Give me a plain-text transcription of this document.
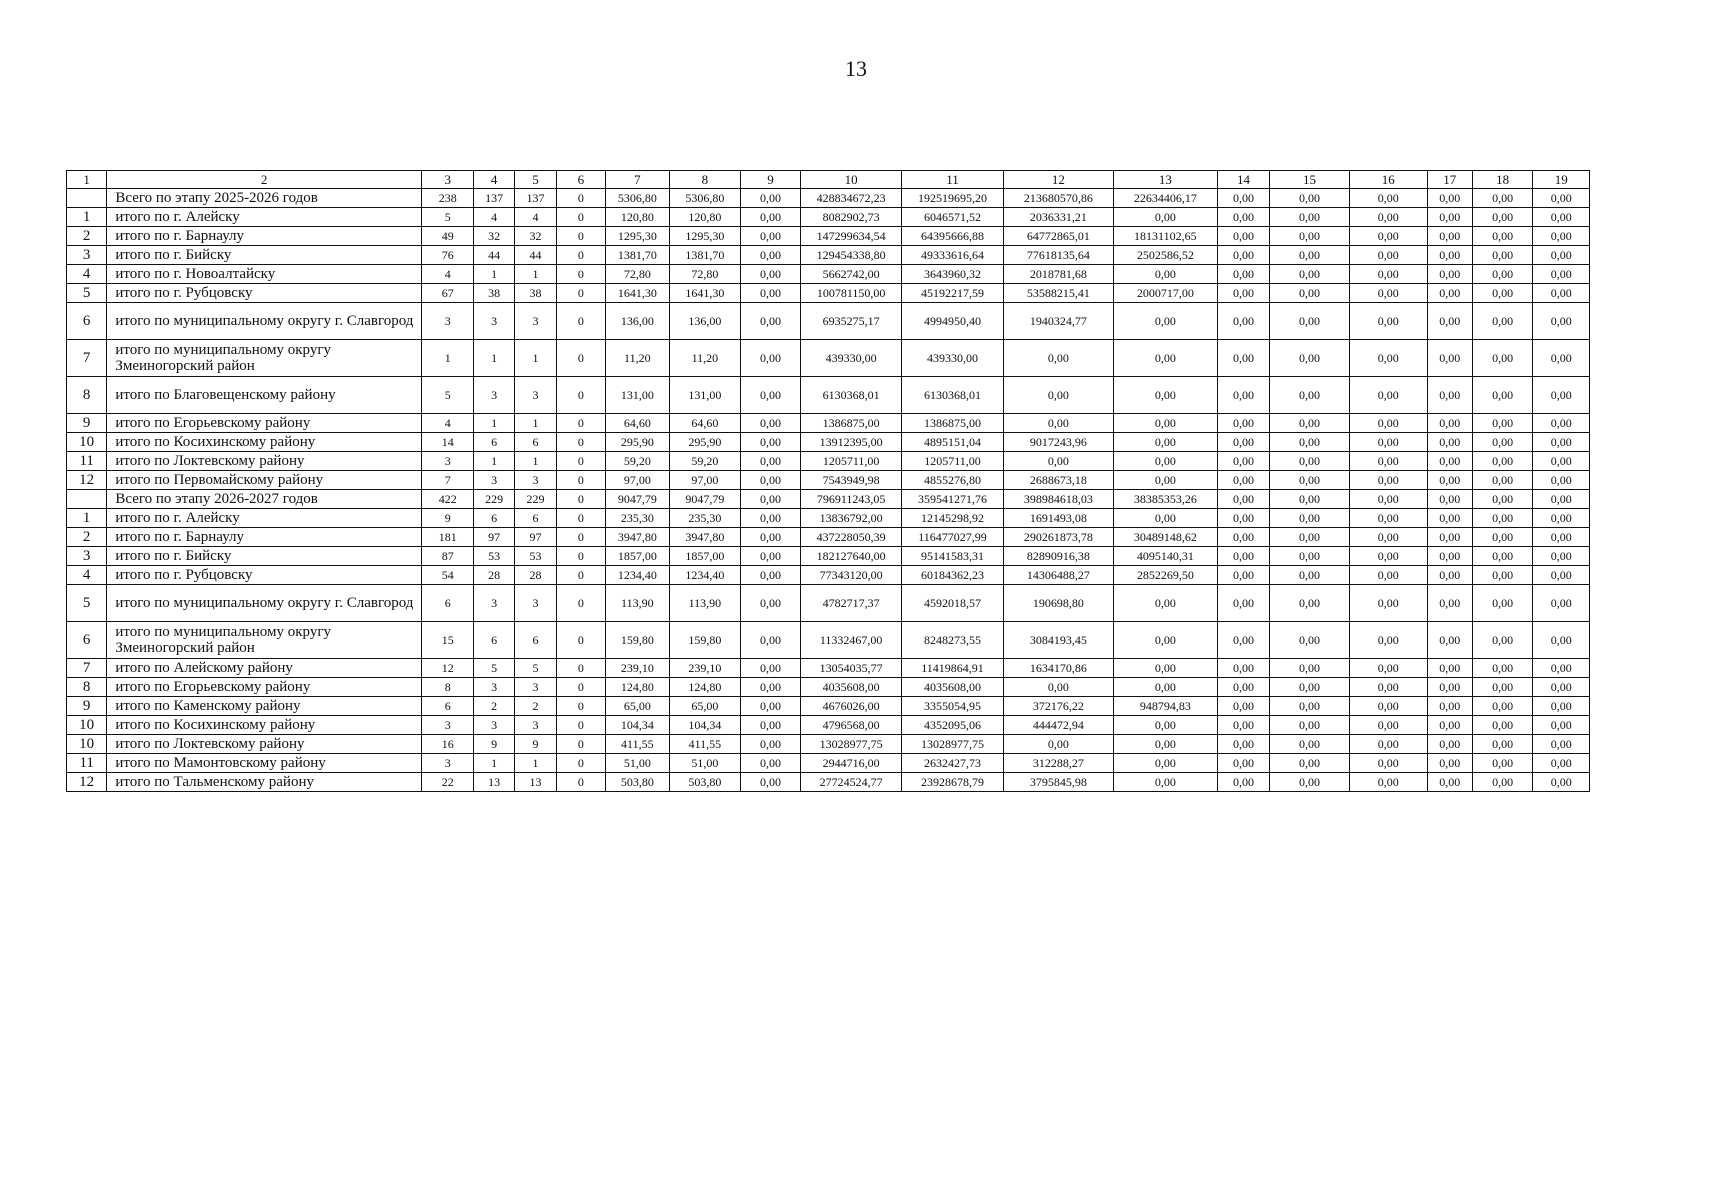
13
1	2	3	4	5	6	7	8	9	10	11	12	13	14	15	16	17	18	19
	Всего по этапу 2025-2026 годов	238	137	137	0	5306,80	5306,80	0,00	428834672,23	192519695,20	213680570,86	22634406,17	0,00	0,00	0,00	0,00	0,00	0,00
1	итого по г. Алейску	5	4	4	0	120,80	120,80	0,00	8082902,73	6046571,52	2036331,21	0,00	0,00	0,00	0,00	0,00	0,00	0,00
2	итого по г. Барнаулу	49	32	32	0	1295,30	1295,30	0,00	147299634,54	64395666,88	64772865,01	18131102,65	0,00	0,00	0,00	0,00	0,00	0,00
3	итого по г. Бийску	76	44	44	0	1381,70	1381,70	0,00	129454338,80	49333616,64	77618135,64	2502586,52	0,00	0,00	0,00	0,00	0,00	0,00
4	итого по г. Новоалтайску	4	1	1	0	72,80	72,80	0,00	5662742,00	3643960,32	2018781,68	0,00	0,00	0,00	0,00	0,00	0,00	0,00
5	итого по г. Рубцовску	67	38	38	0	1641,30	1641,30	0,00	100781150,00	45192217,59	53588215,41	2000717,00	0,00	0,00	0,00	0,00	0,00	0,00
6	итого по муниципальному округу г. Славгород	3	3	3	0	136,00	136,00	0,00	6935275,17	4994950,40	1940324,77	0,00	0,00	0,00	0,00	0,00	0,00	0,00
7	итого по муниципальному округу Змеиногорский район	1	1	1	0	11,20	11,20	0,00	439330,00	439330,00	0,00	0,00	0,00	0,00	0,00	0,00	0,00	0,00
8	итого по Благовещенскому району	5	3	3	0	131,00	131,00	0,00	6130368,01	6130368,01	0,00	0,00	0,00	0,00	0,00	0,00	0,00	0,00
9	итого по Егорьевскому району	4	1	1	0	64,60	64,60	0,00	1386875,00	1386875,00	0,00	0,00	0,00	0,00	0,00	0,00	0,00	0,00
10	итого по Косихинскому району	14	6	6	0	295,90	295,90	0,00	13912395,00	4895151,04	9017243,96	0,00	0,00	0,00	0,00	0,00	0,00	0,00
11	итого по Локтевскому району	3	1	1	0	59,20	59,20	0,00	1205711,00	1205711,00	0,00	0,00	0,00	0,00	0,00	0,00	0,00	0,00
12	итого по Первомайскому району	7	3	3	0	97,00	97,00	0,00	7543949,98	4855276,80	2688673,18	0,00	0,00	0,00	0,00	0,00	0,00	0,00
	Всего по этапу 2026-2027 годов	422	229	229	0	9047,79	9047,79	0,00	796911243,05	359541271,76	398984618,03	38385353,26	0,00	0,00	0,00	0,00	0,00	0,00
1	итого по г. Алейску	9	6	6	0	235,30	235,30	0,00	13836792,00	12145298,92	1691493,08	0,00	0,00	0,00	0,00	0,00	0,00	0,00
2	итого по г. Барнаулу	181	97	97	0	3947,80	3947,80	0,00	437228050,39	116477027,99	290261873,78	30489148,62	0,00	0,00	0,00	0,00	0,00	0,00
3	итого по г. Бийску	87	53	53	0	1857,00	1857,00	0,00	182127640,00	95141583,31	82890916,38	4095140,31	0,00	0,00	0,00	0,00	0,00	0,00
4	итого по г. Рубцовску	54	28	28	0	1234,40	1234,40	0,00	77343120,00	60184362,23	14306488,27	2852269,50	0,00	0,00	0,00	0,00	0,00	0,00
5	итого по муниципальному округу г. Славгород	6	3	3	0	113,90	113,90	0,00	4782717,37	4592018,57	190698,80	0,00	0,00	0,00	0,00	0,00	0,00	0,00
6	итого по муниципальному округу Змеиногорский район	15	6	6	0	159,80	159,80	0,00	11332467,00	8248273,55	3084193,45	0,00	0,00	0,00	0,00	0,00	0,00	0,00
7	итого по Алейскому району	12	5	5	0	239,10	239,10	0,00	13054035,77	11419864,91	1634170,86	0,00	0,00	0,00	0,00	0,00	0,00	0,00
8	итого по Егорьевскому району	8	3	3	0	124,80	124,80	0,00	4035608,00	4035608,00	0,00	0,00	0,00	0,00	0,00	0,00	0,00	0,00
9	итого по Каменскому району	6	2	2	0	65,00	65,00	0,00	4676026,00	3355054,95	372176,22	948794,83	0,00	0,00	0,00	0,00	0,00	0,00
10	итого по Косихинскому району	3	3	3	0	104,34	104,34	0,00	4796568,00	4352095,06	444472,94	0,00	0,00	0,00	0,00	0,00	0,00	0,00
10	итого по Локтевскому району	16	9	9	0	411,55	411,55	0,00	13028977,75	13028977,75	0,00	0,00	0,00	0,00	0,00	0,00	0,00	0,00
11	итого по Мамонтовскому району	3	1	1	0	51,00	51,00	0,00	2944716,00	2632427,73	312288,27	0,00	0,00	0,00	0,00	0,00	0,00	0,00
12	итого по Тальменскому району	22	13	13	0	503,80	503,80	0,00	27724524,77	23928678,79	3795845,98	0,00	0,00	0,00	0,00	0,00	0,00	0,00
